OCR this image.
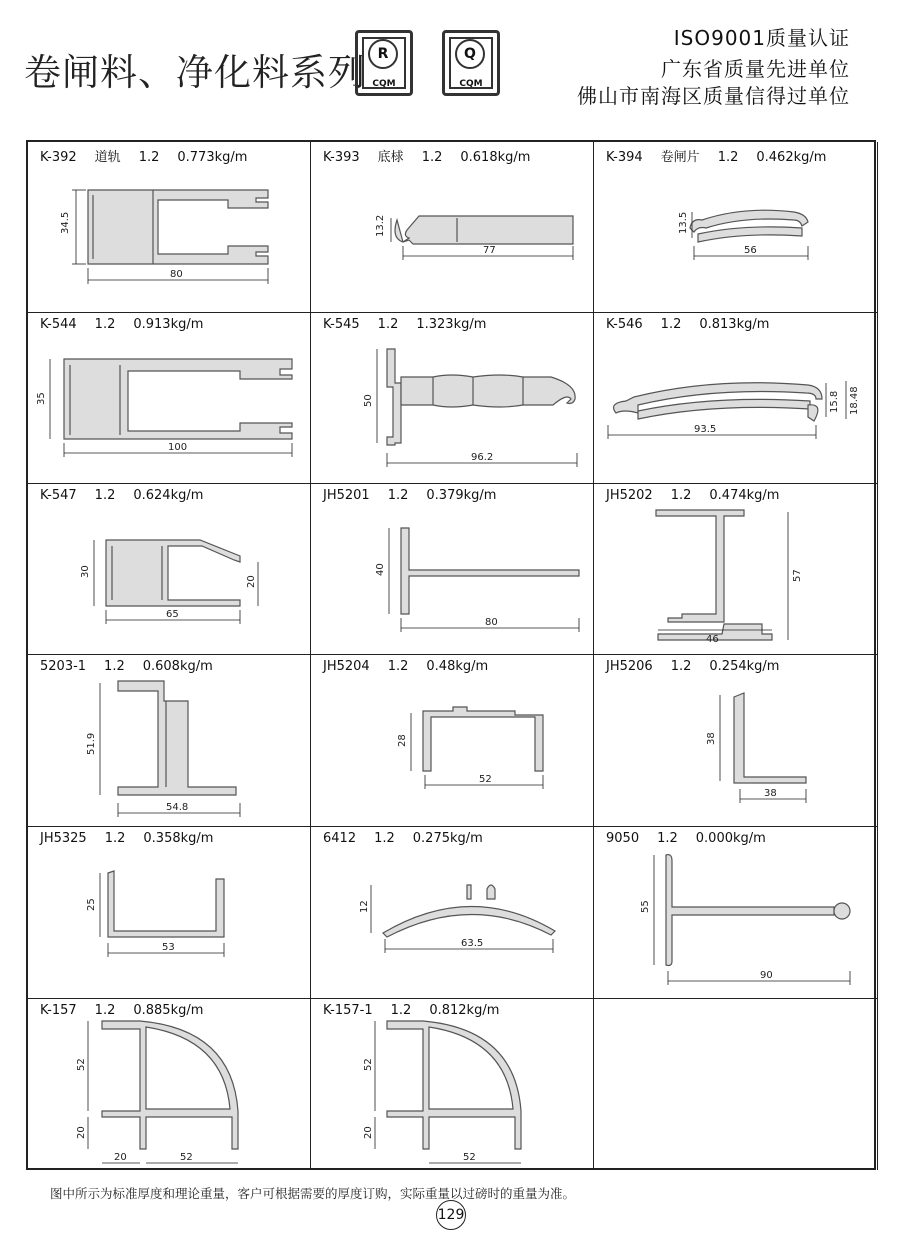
卷闸料、净化料系列 R
CQM
Q
CQM
ISO9001质量认证
广东省质量先进单位
佛山市南海区质量信得过单位
K-392 道轨 1.2 0.773kg/m
34.5
80
K-393 底梂 1.2 0.618kg/m
13.2
77
K-394 卷闸片 1.2 0.462kg/m
13.5
56
K-544 1.2 0.913kg/m
35
100
K-545 1.2 1.323kg/m
50
96.2
K-546 1.2 0.813kg/m
93.5
15.8 18.48
K-547 1.2 0.624kg/m
30
20
65
JH5201 1.2 0.379kg/m
40
80
JH5202 1.2 0.474kg/m
57
46
5203-1 1.2 0.608kg/m
51.9
54.8
JH5204 1.2 0.48kg/m
28
52
JH5206 1.2 0.254kg/m
38
38
JH5325 1.2 0.358kg/m
25
53
6412 1.2 0.275kg/m
12
63.5
9050 1.2 0.000kg/m
55
90
K-157 1.2 0.885kg/m
52
20
20	52
K-157-1 1.2 0.812kg/m
52
20
52
图中所示为标准厚度和理论重量，客户可根据需要的厚度订购，实际重量以过磅时的重量为准。
129
